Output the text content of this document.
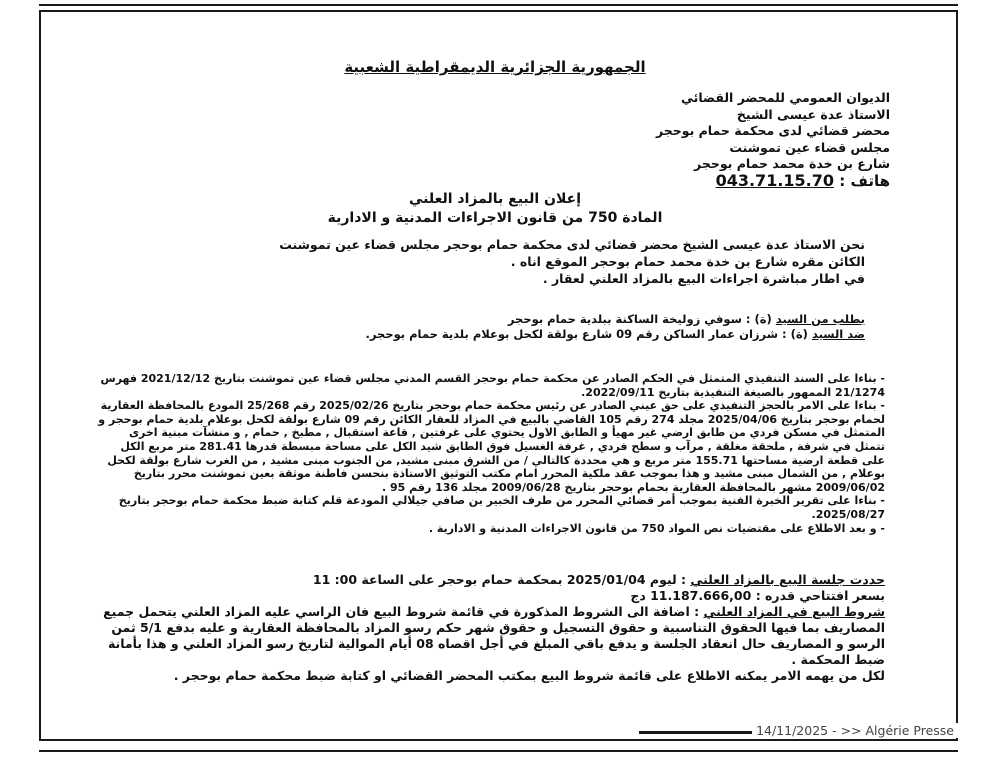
الجمهورية الجزائرية الديمقراطية الشعبية
الديوان العمومي للمحضر القضائي
الاستاذ عدة عيسى الشيخ
محضر قضائي لدى محكمة حمام بوحجر
مجلس قضاء عين تموشنت
شارع بن خدة محمد حمام بوحجر
هاتف : 043.71.15.70
إعلان البيع بالمزاد العلني
المادة 750 من قانون الاجراءات المدنية و الادارية
نحن الاستاذ عدة عيسى الشيخ محضر قضائي لدى محكمة حمام بوحجر مجلس قضاء عين تموشنت
الكائن مقره شارع بن خدة محمد حمام بوحجر الموقع اناه .
في اطار مباشرة اجراءات البيع بالمزاد العلني لعقار .
بطلب من السيد (ة) : سوفي زوليخة الساكنة ببلدية حمام بوحجر
ضد السيد (ة) : شرزان عمار الساكن رقم 09 شارع بولقة لكحل بوعلام بلدية حمام بوحجر.

- بناءا على السند التنفيذي المتمثل في الحكم الصادر عن محكمة حمام بوحجر القسم المدني مجلس قضاء عين تموشنت بتاريخ 2021/12/12 فهرس 21/1274 الممهور بالصيغة التنفيذية بتاريخ 2022/09/11.

- بناءا على الامر بالحجز التنفيذي على حق عيني الصادر عن رئيس محكمة حمام بوحجر بتاريخ 2025/02/26 رقم 25/268 المودع بالمحافظة العقارية لحمام بوحجر بتاريخ 2025/04/06 مجلد 274 رقم 105 القاضي بالبيع في المزاد للعقار الكائن رقم 09 شارع بولقة لكحل بوعلام بلدية حمام بوحجر و المتمثل في مسكن فردي من طابق ارضي غير مهيأ و الطابق الاول يحتوي على غرفتين , قاعة استقبال , مطبخ , حمام , و منشآت مبنية اخرى تتمثل في شرفة , ملحقة مغلقة , مرآب و سطح فردي , غرفة الغسيل فوق الطابق شيد الكل على مساحة مبسطة قدرها 281.41 متر مربع الكل على قطعة ارضية مساحتها 155.71 متر مربع و هي محددة كالتالي / من الشرق مبنى مشيد, من الجنوب مبنى مشيد , من الغرب شارع بولقة لكحل بوعلام , من الشمال مبنى مشيد و هذا بموجب عقد ملكية المحرر امام مكتب التوثيق الاستاذة بنحسن فاطنة موثقة بعين تموشنت محرر بتاريخ 2009/06/02 مشهر بالمحافظة العقارية بحمام بوحجر بتاريخ 2009/06/28 مجلد 136 رقم 95 .

- بناءا على تقرير الخبرة الفنية بموجب أمر قضائي المحرر من طرف الخبير بن صافي جيلالي المودعة قلم كتابة ضبط محكمة حمام بوحجر بتاريخ 2025/08/27.

- و بعد الاطلاع على مقتضيات نص المواد 750 من قانون الاجراءات المدنية و الادارية .

حددت جلسة البيع بالمزاد العلني : ليوم 2025/01/04 بمحكمة حمام بوحجر على الساعة 00: 11

بسعر افتتاحي قدره : 11.187.666,00 دج

شروط البيع في المزاد العلني : اضافة الى الشروط المذكورة في قائمة شروط البيع فان الراسي عليه المزاد العلني يتحمل جميع المصاريف بما فيها الحقوق التناسبية و حقوق التسجيل و حقوق شهر حكم رسو المزاد بالمحافظة العقارية و عليه بدفع 5/1 ثمن الرسو و المصاريف حال انعقاد الجلسة و يدفع باقي المبلغ في أجل اقصاه 08 أيام الموالية لتاريخ رسو المزاد العلني و هذا بأمانة ضبط المحكمة .

لكل من يهمه الامر يمكنه الاطلاع على قائمة شروط البيع بمكتب المحضر القضائي او كتابة ضبط محكمة حمام بوحجر .

14/11/2025 - >> Algérie Presse
